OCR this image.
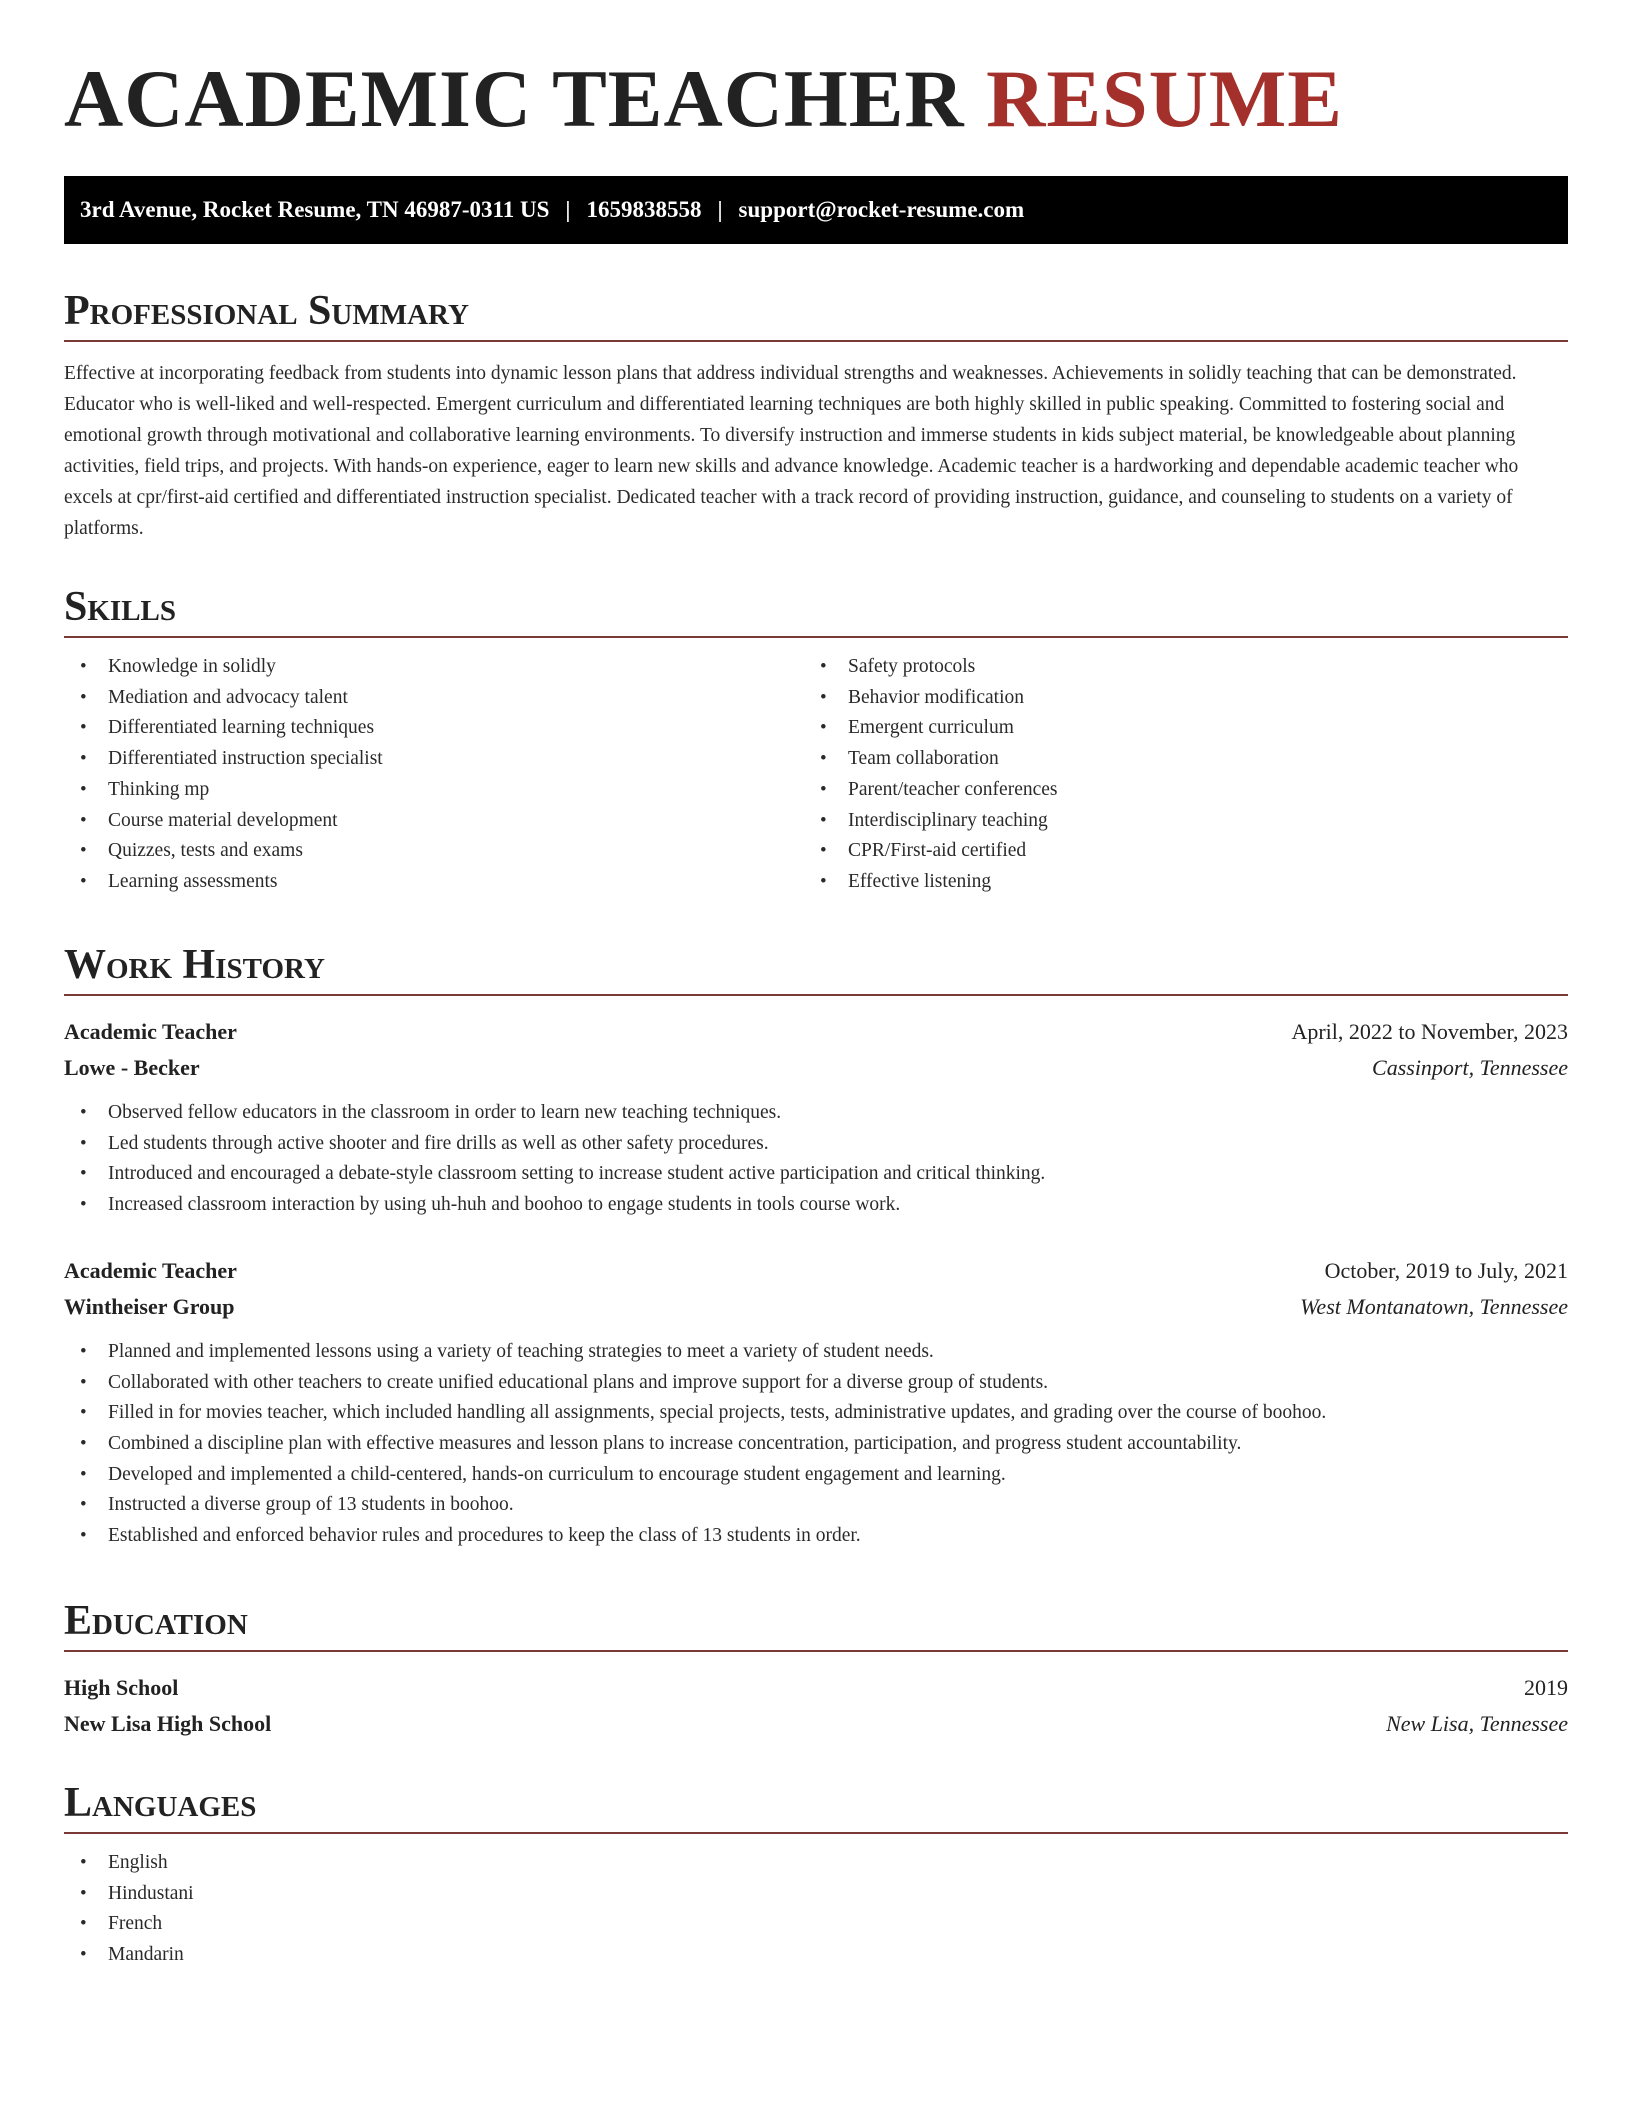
ACADEMIC TEACHER RESUME
3rd Avenue, Rocket Resume, TN 46987-0311 US | 1659838558 | support@rocket-resume.com
Professional Summary

Effective at incorporating feedback from students into dynamic lesson plans that address individual strengths and weaknesses. Achievements in solidly teaching that can be demonstrated. Educator who is well-liked and well-respected. Emergent curriculum and differentiated learning techniques are both highly skilled in public speaking. Committed to fostering social and emotional growth through motivational and collaborative learning environments. To diversify instruction and immerse students in kids subject material, be knowledgeable about planning activities, field trips, and projects. With hands-on experience, eager to learn new skills and advance knowledge. Academic teacher is a hardworking and dependable academic teacher who excels at cpr/first-aid certified and differentiated instruction specialist. Dedicated teacher with a track record of providing instruction, guidance, and counseling to students on a variety of platforms.

Skills
• Knowledge in solidly
• Mediation and advocacy talent
• Differentiated learning techniques
• Differentiated instruction specialist
• Thinking mp
• Course material development
• Quizzes, tests and exams
• Learning assessments
• Safety protocols
• Behavior modification
• Emergent curriculum
• Team collaboration
• Parent/teacher conferences
• Interdisciplinary teaching
• CPR/First-aid certified
• Effective listening
Work History
Academic Teacher	April, 2022 to November, 2023
Lowe - Becker	Cassinport, Tennessee
• Observed fellow educators in the classroom in order to learn new teaching techniques.
• Led students through active shooter and fire drills as well as other safety procedures.
• Introduced and encouraged a debate-style classroom setting to increase student active participation and critical thinking.
• Increased classroom interaction by using uh-huh and boohoo to engage students in tools course work.
Academic Teacher	October, 2019 to July, 2021
Wintheiser Group	West Montanatown, Tennessee
• Planned and implemented lessons using a variety of teaching strategies to meet a variety of student needs.
• Collaborated with other teachers to create unified educational plans and improve support for a diverse group of students.
• Filled in for movies teacher, which included handling all assignments, special projects, tests, administrative updates, and grading over the course of boohoo.
• Combined a discipline plan with effective measures and lesson plans to increase concentration, participation, and progress student accountability.
• Developed and implemented a child-centered, hands-on curriculum to encourage student engagement and learning.
• Instructed a diverse group of 13 students in boohoo.
• Established and enforced behavior rules and procedures to keep the class of 13 students in order.
Education
High School	2019
New Lisa High School	New Lisa, Tennessee
Languages
• English
• Hindustani
• French
• Mandarin
